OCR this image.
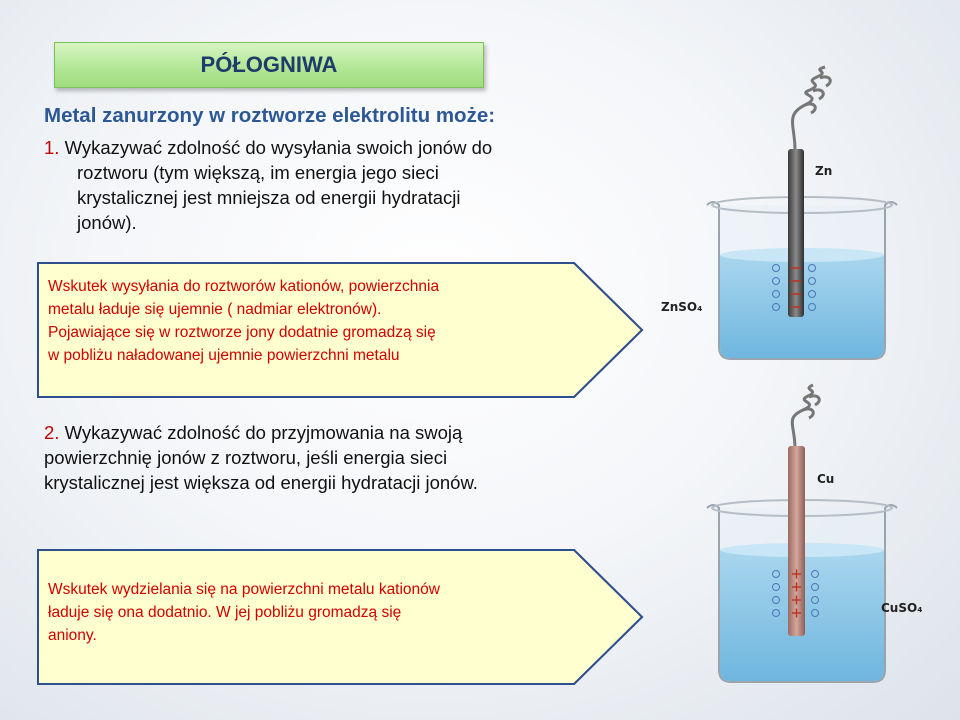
PÓŁOGNIWA
Metal zanurzony w roztworze elektrolitu może:
1. Wykazywać zdolność do wysyłania swoich jonów do
roztworu (tym większą, im energia jego sieci
krystalicznej jest mniejsza od energii hydratacji
jonów).
Wskutek wysyłania do roztworów kationów, powierzchnia
metalu ładuje się ujemnie ( nadmiar elektronów).
Pojawiające się w roztworze jony dodatnie gromadzą się
w pobliżu naładowanej ujemnie powierzchni metalu
2. Wykazywać zdolność do przyjmowania na swoją
powierzchnię jonów z roztworu, jeśli energia sieci
krystalicznej jest większa od energii hydratacji jonów.
Wskutek wydzielania się na powierzchni metalu kationów
ładuje się ona dodatnio. W jej pobliżu gromadzą się
aniony.
Zn
ZnSO₄
Cu
CuSO₄
